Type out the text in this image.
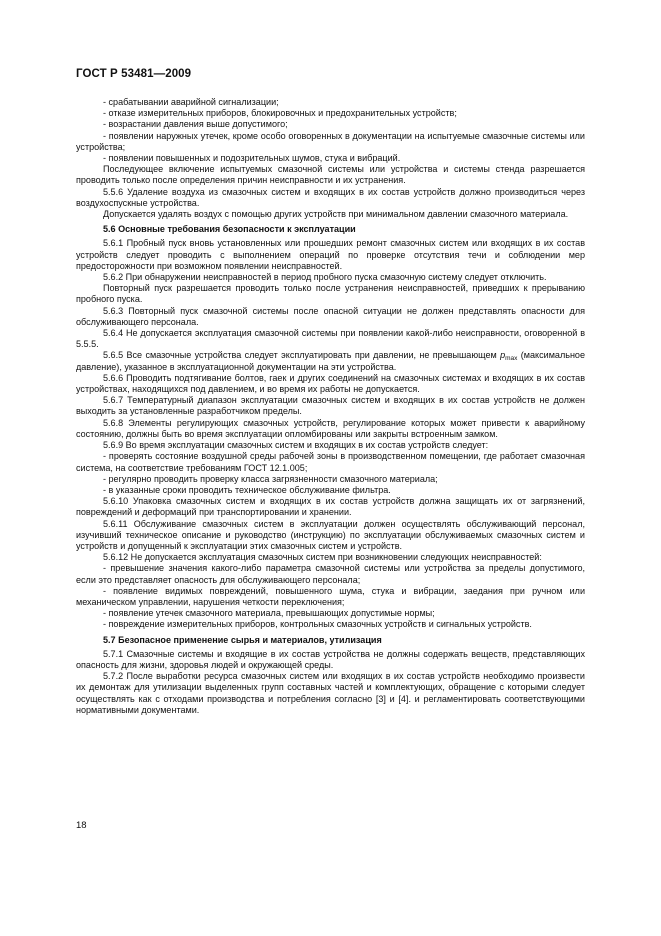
ГОСТ Р 53481—2009

- срабатывании аварийной сигнализации;

- отказе измерительных приборов, блокировочных и предохранительных устройств;

- возрастании давления выше допустимого;

- появлении наружных утечек, кроме особо оговоренных в документации на испытуемые смазочные системы или устройства;

- появлении повышенных и подозрительных шумов, стука и вибраций.

Последующее включение испытуемых смазочной системы или устройства и системы стенда разрешается проводить только после определения причин неисправности и их устранения.

5.5.6 Удаление воздуха из смазочных систем и входящих в их состав устройств должно производиться через воздухоспускные устройства.

Допускается удалять воздух с помощью других устройств при минимальном давлении смазочного материала.

5.6 Основные требования безопасности к эксплуатации

5.6.1 Пробный пуск вновь установленных или прошедших ремонт смазочных систем или входящих в их состав устройств следует проводить с выполнением операций по проверке отсутствия течи и соблюдении мер предосторожности при возможном появлении неисправностей.

5.6.2 При обнаружении неисправностей в период пробного пуска смазочную систему следует отключить.

Повторный пуск разрешается проводить только после устранения неисправностей, приведших к прерыванию пробного пуска.

5.6.3 Повторный пуск смазочной системы после опасной ситуации не должен представлять опасности для обслуживающего персонала.

5.6.4 Не допускается эксплуатация смазочной системы при появлении какой-либо неисправности, оговоренной в 5.5.5.

5.6.5 Все смазочные устройства следует эксплуатировать при давлении, не превышающем $p_{max}$ (максимальное давление), указанное в эксплуатационной документации на эти устройства.

5.6.6 Проводить подтягивание болтов, гаек и других соединений на смазочных системах и входящих в их состав устройствах, находящихся под давлением, и во время их работы не допускается.

5.6.7 Температурный диапазон эксплуатации смазочных систем и входящих в их состав устройств не должен выходить за установленные разработчиком пределы.

5.6.8 Элементы регулирующих смазочных устройств, регулирование которых может привести к аварийному состоянию, должны быть во время эксплуатации опломбированы или закрыты встроенным замком.

5.6.9 Во время эксплуатации смазочных систем и входящих в их состав устройств следует:

- проверять состояние воздушной среды рабочей зоны в производственном помещении, где работает смазочная система, на соответствие требованиям ГОСТ 12.1.005;

- регулярно проводить проверку класса загрязненности смазочного материала;

- в указанные сроки проводить техническое обслуживание фильтра.

5.6.10 Упаковка смазочных систем и входящих в их состав устройств должна защищать их от загрязнений, повреждений и деформаций при транспортировании и хранении.

5.6.11 Обслуживание смазочных систем в эксплуатации должен осуществлять обслуживающий персонал, изучивший техническое описание и руководство (инструкцию) по эксплуатации обслуживаемых смазочных систем и устройств и допущенный к эксплуатации этих смазочных систем и устройств.

5.6.12 Не допускается эксплуатация смазочных систем при возникновении следующих неисправностей:

- превышение значения какого-либо параметра смазочной системы или устройства за пределы допустимого, если это представляет опасность для обслуживающего персонала;

- появление видимых повреждений, повышенного шума, стука и вибрации, заедания при ручном или механическом управлении, нарушения четкости переключения;

- появление утечек смазочного материала, превышающих допустимые нормы;

- повреждение измерительных приборов, контрольных смазочных устройств и сигнальных устройств.

5.7 Безопасное применение сырья и материалов, утилизация

5.7.1 Смазочные системы и входящие в их состав устройства не должны содержать веществ, представляющих опасность для жизни, здоровья людей и окружающей среды.

5.7.2 После выработки ресурса смазочных систем или входящих в их состав устройств необходимо произвести их демонтаж для утилизации выделенных групп составных частей и комплектующих, обращение с которыми следует осуществлять как с отходами производства и потребления согласно [3] и [4]. и регламентировать соответствующими нормативными документами.

18
